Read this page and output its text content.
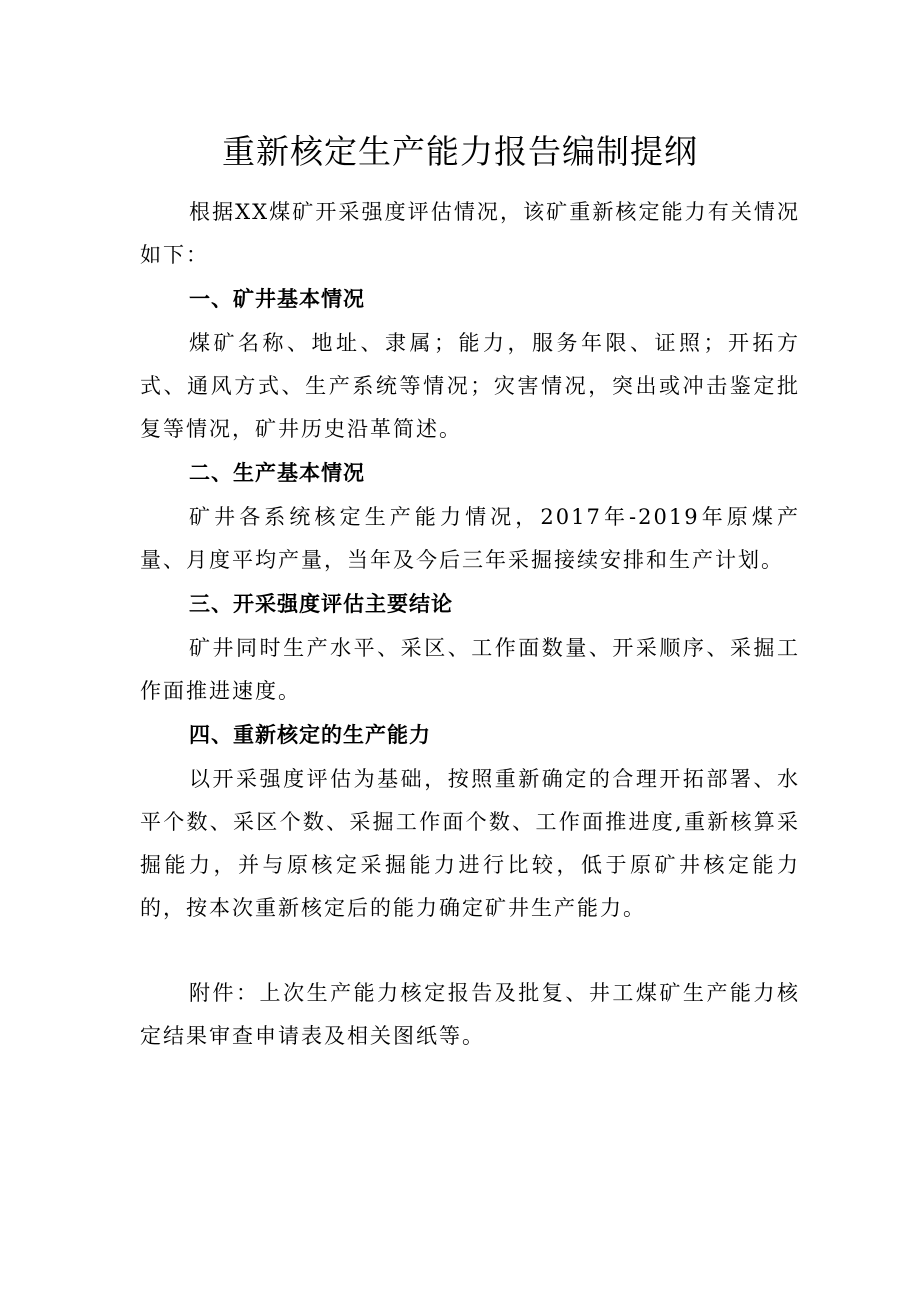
重新核定生产能力报告编制提纲
根据XX煤矿开采强度评估情况，该矿重新核定能力有关情况如下：
一、矿井基本情况
煤矿名称、地址、隶属；能力，服务年限、证照；开拓方式、通风方式、生产系统等情况；灾害情况，突出或冲击鉴定批复等情况，矿井历史沿革简述。
二、生产基本情况
矿井各系统核定生产能力情况，2017年-2019年原煤产量、月度平均产量，当年及今后三年采掘接续安排和生产计划。
三、开采强度评估主要结论
矿井同时生产水平、采区、工作面数量、开采顺序、采掘工作面推进速度。
四、重新核定的生产能力
以开采强度评估为基础，按照重新确定的合理开拓部署、水平个数、采区个数、采掘工作面个数、工作面推进度,重新核算采掘能力，并与原核定采掘能力进行比较，低于原矿井核定能力的，按本次重新核定后的能力确定矿井生产能力。
附件：上次生产能力核定报告及批复、井工煤矿生产能力核定结果审查申请表及相关图纸等。
